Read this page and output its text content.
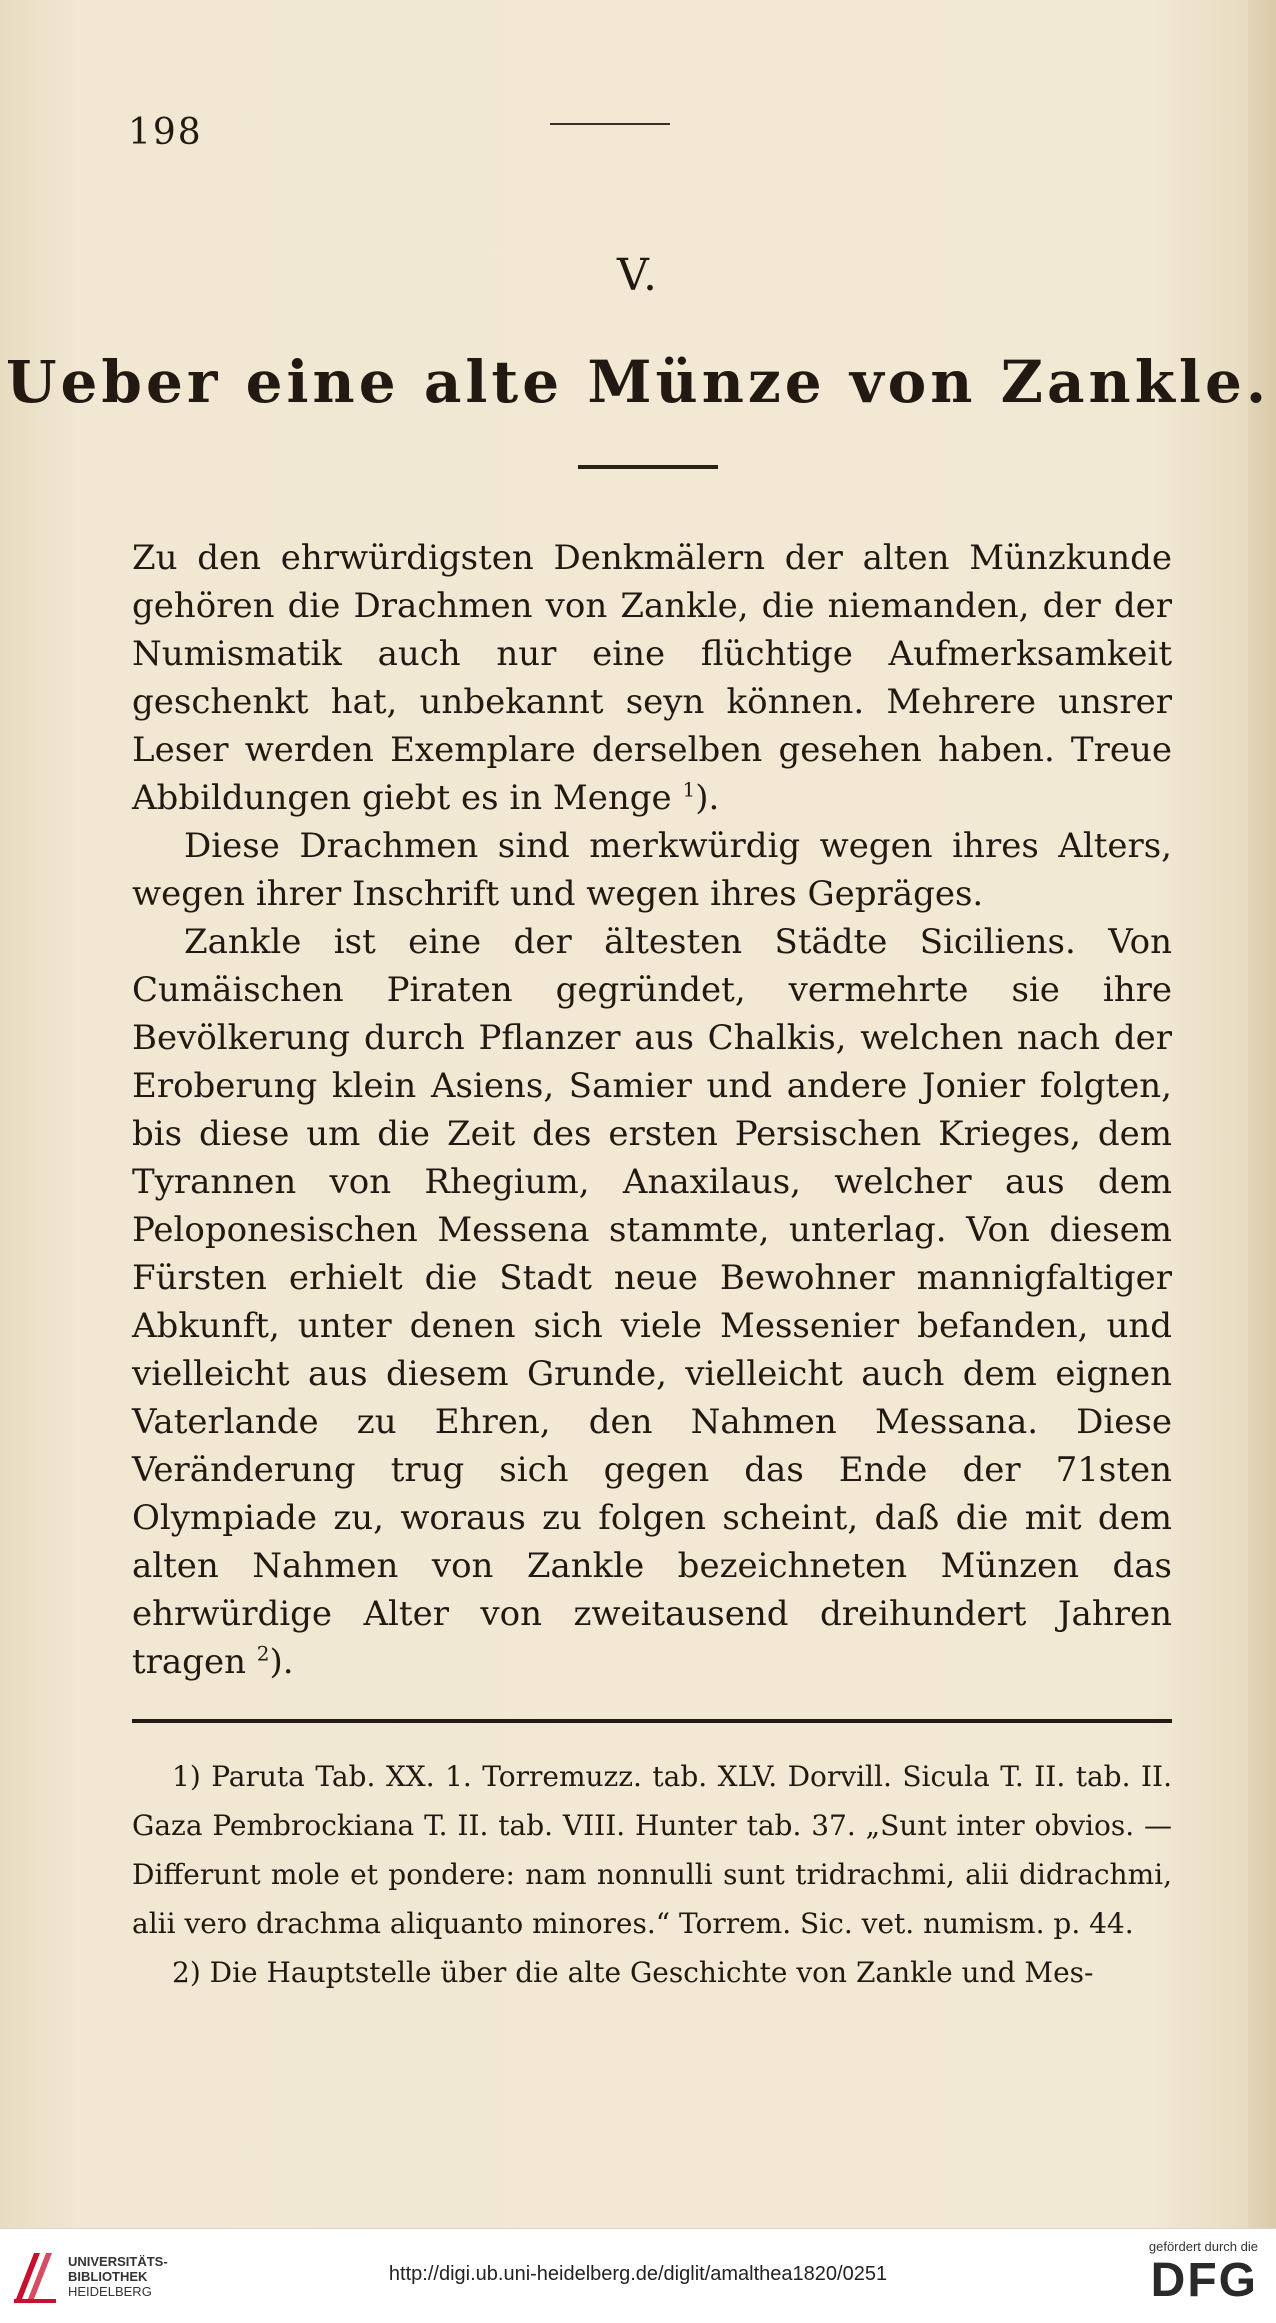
198
V.
Ueber eine alte Münze von Zankle.

Zu den ehrwürdigsten Denkmälern der alten Münzkunde gehören die Drachmen von Zankle, die niemanden, der der Numismatik auch nur eine flüchtige Aufmerksamkeit geschenkt hat, unbekannt seyn können. Mehrere unsrer Leser werden Exemplare derselben gesehen haben. Treue Abbildungen giebt es in Menge $^1$).

Diese Drachmen sind merkwürdig wegen ihres Alters, wegen ihrer Inschrift und wegen ihres Gepräges.

Zankle ist eine der ältesten Städte Siciliens. Von Cumäischen Piraten gegründet, vermehrte sie ihre Bevölkerung durch Pflanzer aus Chalkis, welchen nach der Eroberung klein Asiens, Samier und andere Jonier folgten, bis diese um die Zeit des ersten Persischen Krieges, dem Tyrannen von Rhegium, Anaxilaus, welcher aus dem Peloponesischen Messena stammte, unterlag. Von diesem Fürsten erhielt die Stadt neue Bewohner mannigfaltiger Abkunft, unter denen sich viele Messenier befanden, und vielleicht aus diesem Grunde, vielleicht auch dem eignen Vaterlande zu Ehren, den Nahmen Messana. Diese Veränderung trug sich gegen das Ende der 71sten Olympiade zu, woraus zu folgen scheint, daß die mit dem alten Nahmen von Zankle bezeichneten Münzen das ehrwürdige Alter von zweitausend dreihundert Jahren tragen $^2$).

1) Paruta Tab. XX. 1. Torremuzz. tab. XLV. Dorvill. Sicula T. II. tab. II. Gaza Pembrockiana T. II. tab. VIII. Hunter tab. 37. „Sunt inter obvios. — Differunt mole et pondere: nam nonnulli sunt tridrachmi, alii didrachmi, alii vero drachma aliquanto minores.“ Torrem. Sic. vet. numism. p. 44.

2) Die Hauptstelle über die alte Geschichte von Zankle und Mes-

UNIVERSITÄTS-
BIBLIOTHEK
HEIDELBERG
http://digi.ub.uni-heidelberg.de/diglit/amalthea1820/0251
gefördert durch die
DFG
